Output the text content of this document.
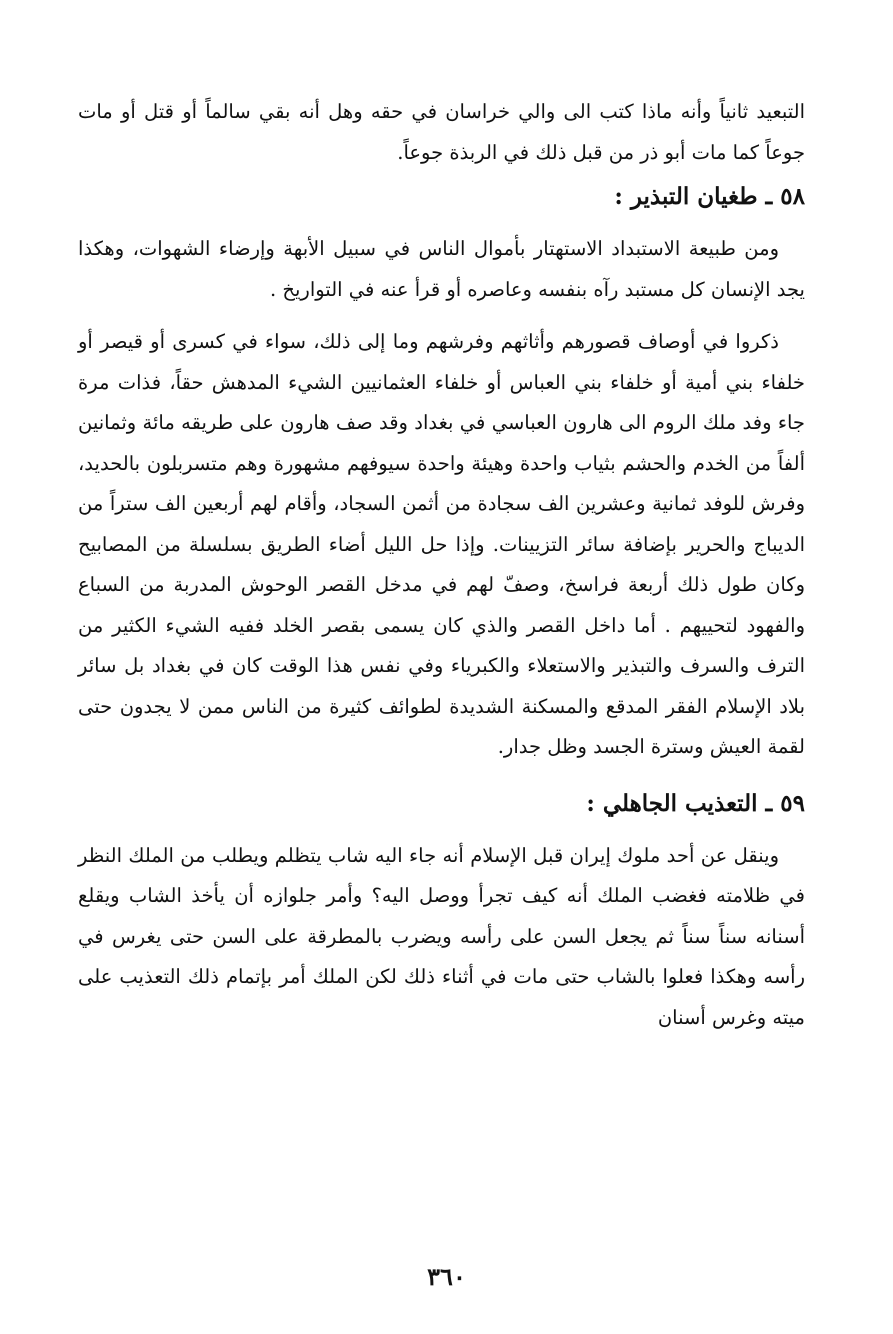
التبعيد ثانياً وأنه ماذا كتب الى والي خراسان في حقه وهل أنه بقي سالماً أو قتل أو مات جوعاً كما مات أبو ذر من قبل ذلك في الربذة جوعاً.

٥٨ ـ طغيان التبذير :

ومن طبيعة الاستبداد الاستهتار بأموال الناس في سبيل الأبهة وإرضاء الشهوات، وهكذا يجد الإنسان كل مستبد رآه بنفسه وعاصره أو قرأ عنه في التواريخ .

ذكروا في أوصاف قصورهم وأثاثهم وفرشهم وما إلى ذلك، سواء في كسرى أو قيصر أو خلفاء بني أمية أو خلفاء بني العباس أو خلفاء العثمانيين الشيء المدهش حقاً، فذات مرة جاء وفد ملك الروم الى هارون العباسي في بغداد وقد صف هارون على طريقه مائة وثمانين ألفاً من الخدم والحشم بثياب واحدة وهيئة واحدة سيوفهم مشهورة وهم متسربلون بالحديد، وفرش للوفد ثمانية وعشرين الف سجادة من أثمن السجاد، وأقام لهم أربعين الف ستراً من الديباج والحرير بإضافة سائر التزيينات. وإذا حل الليل أضاء الطريق بسلسلة من المصابيح وكان طول ذلك أربعة فراسخ، وصفّ لهم في مدخل القصر الوحوش المدربة من السباع والفهود لتحييهم . أما داخل القصر والذي كان يسمى بقصر الخلد ففيه الشيء الكثير من الترف والسرف والتبذير والاستعلاء والكبرياء وفي نفس هذا الوقت كان في بغداد بل سائر بلاد الإسلام الفقر المدقع والمسكنة الشديدة لطوائف كثيرة من الناس ممن لا يجدون حتى لقمة العيش وسترة الجسد وظل جدار.

٥٩ ـ التعذيب الجاهلي :

وينقل عن أحد ملوك إيران قبل الإسلام أنه جاء اليه شاب يتظلم ويطلب من الملك النظر في ظلامته فغضب الملك أنه كيف تجرأ ووصل اليه؟ وأمر جلوازه أن يأخذ الشاب ويقلع أسنانه سناً سناً ثم يجعل السن على رأسه ويضرب بالمطرقة على السن حتى يغرس في رأسه وهكذا فعلوا بالشاب حتى مات في أثناء ذلك لكن الملك أمر بإتمام ذلك التعذيب على ميته وغرس أسنان

٣٦٠
